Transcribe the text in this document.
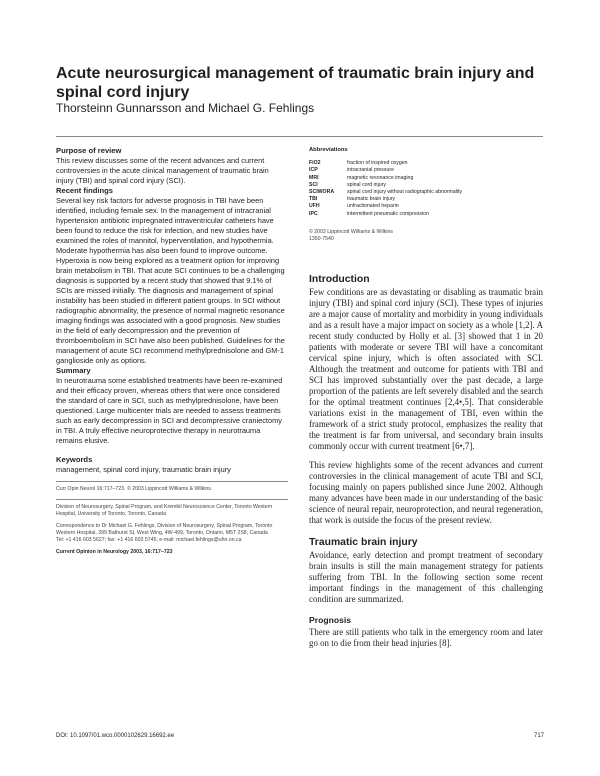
Acute neurosurgical management of traumatic brain injury and spinal cord injury
Thorsteinn Gunnarsson and Michael G. Fehlings

Purpose of review

This review discusses some of the recent advances and current controversies in the acute clinical management of traumatic brain injury (TBI) and spinal cord injury (SCI).

Recent findings

Several key risk factors for adverse prognosis in TBI have been identified, including female sex. In the management of intracranial hypertension antibiotic impregnated intraventricular catheters have been found to reduce the risk for infection, and new studies have examined the roles of mannitol, hyperventilation, and hypothermia. Moderate hypothermia has also been found to improve outcome. Hyperoxia is now being explored as a treatment option for improving brain metabolism in TBI. That acute SCI continues to be a challenging diagnosis is supported by a recent study that showed that 9.1% of SCIs are missed initially. The diagnosis and management of spinal instability has been studied in different patient groups. In SCI without radiographic abnormality, the presence of normal magnetic resonance imaging findings was associated with a good prognosis. New studies in the field of early decompression and the prevention of thromboembolism in SCI have also been published. Guidelines for the management of acute SCI recommend methylprednisolone and GM-1 ganglioside only as options.

Summary

In neurotrauma some established treatments have been re-examined and their efficacy proven, whereas others that were once considered the standard of care in SCI, such as methylprednisolone, have been questioned. Large multicenter trials are needed to assess treatments such as early decompression in SCI and decompressive craniectomy in TBI. A truly effective neuroprotective therapy in neurotrauma remains elusive.

Keywords

management, spinal cord injury, traumatic brain injury

Curr Opin Neurol 16:717–723. © 2003 Lippincott Williams & Wilkins.

Division of Neurosurgery, Spinal Program, and Krembil Neuroscience Center, Toronto Western Hospital, University of Toronto, Toronto, Canada

Correspondence to Dr Michael G. Fehlings, Division of Neurosurgery, Spinal Program, Toronto Western Hospital, 399 Bathurst St, West Wing, 4W-499, Toronto, Ontario, M5T 2S8, Canada

Tel: +1 416 603 5627; fax: +1 416 603 5745; e-mail: michael.fehlings@uhn.on.ca

Current Opinion in Neurology 2003, 16:717–723

Abbreviations

FiO2	fraction of inspired oxygen
ICP	intracranial pressure
MRI	magnetic resonance imaging
SCI	spinal cord injury
SCIWORA	spinal cord injury without radiographic abnormality
TBI	traumatic brain injury
UFH	unfractionated heparin
IPC	intermittent pneumatic compression
© 2003 Lippincott Williams & Wilkins
1350-7540

Introduction

Few conditions are as devastating or disabling as traumatic brain injury (TBI) and spinal cord injury (SCI). These types of injuries are a major cause of mortality and morbidity in young individuals and as a result have a major impact on society as a whole [1,2]. A recent study conducted by Holly et al. [3] showed that 1 in 20 patients with moderate or severe TBI will have a concomitant cervical spine injury, which is often associated with SCI. Although the treatment and outcome for patients with TBI and SCI has improved substantially over the past decade, a large proportion of the patients are left severely disabled and the search for the optimal treatment continues [2,4•,5]. That considerable variations exist in the management of TBI, even within the framework of a strict study protocol, emphasizes the reality that the treatment is far from universal, and secondary brain insults commonly occur with current treatment [6•,7].

This review highlights some of the recent advances and current controversies in the clinical management of acute TBI and SCI, focusing mainly on papers published since June 2002. Although many advances have been made in our understanding of the basic science of neural repair, neuroprotection, and neural regeneration, that work is outside the focus of the present review.

Traumatic brain injury

Avoidance, early detection and prompt treatment of secondary brain insults is still the main management strategy for patients suffering from TBI. In the following section some recent important findings in the management of this challenging condition are summarized.

Prognosis

There are still patients who talk in the emergency room and later go on to die from their head injuries [8].

DOI: 10.1097/01.wco.0000102629.16692.ee	717
